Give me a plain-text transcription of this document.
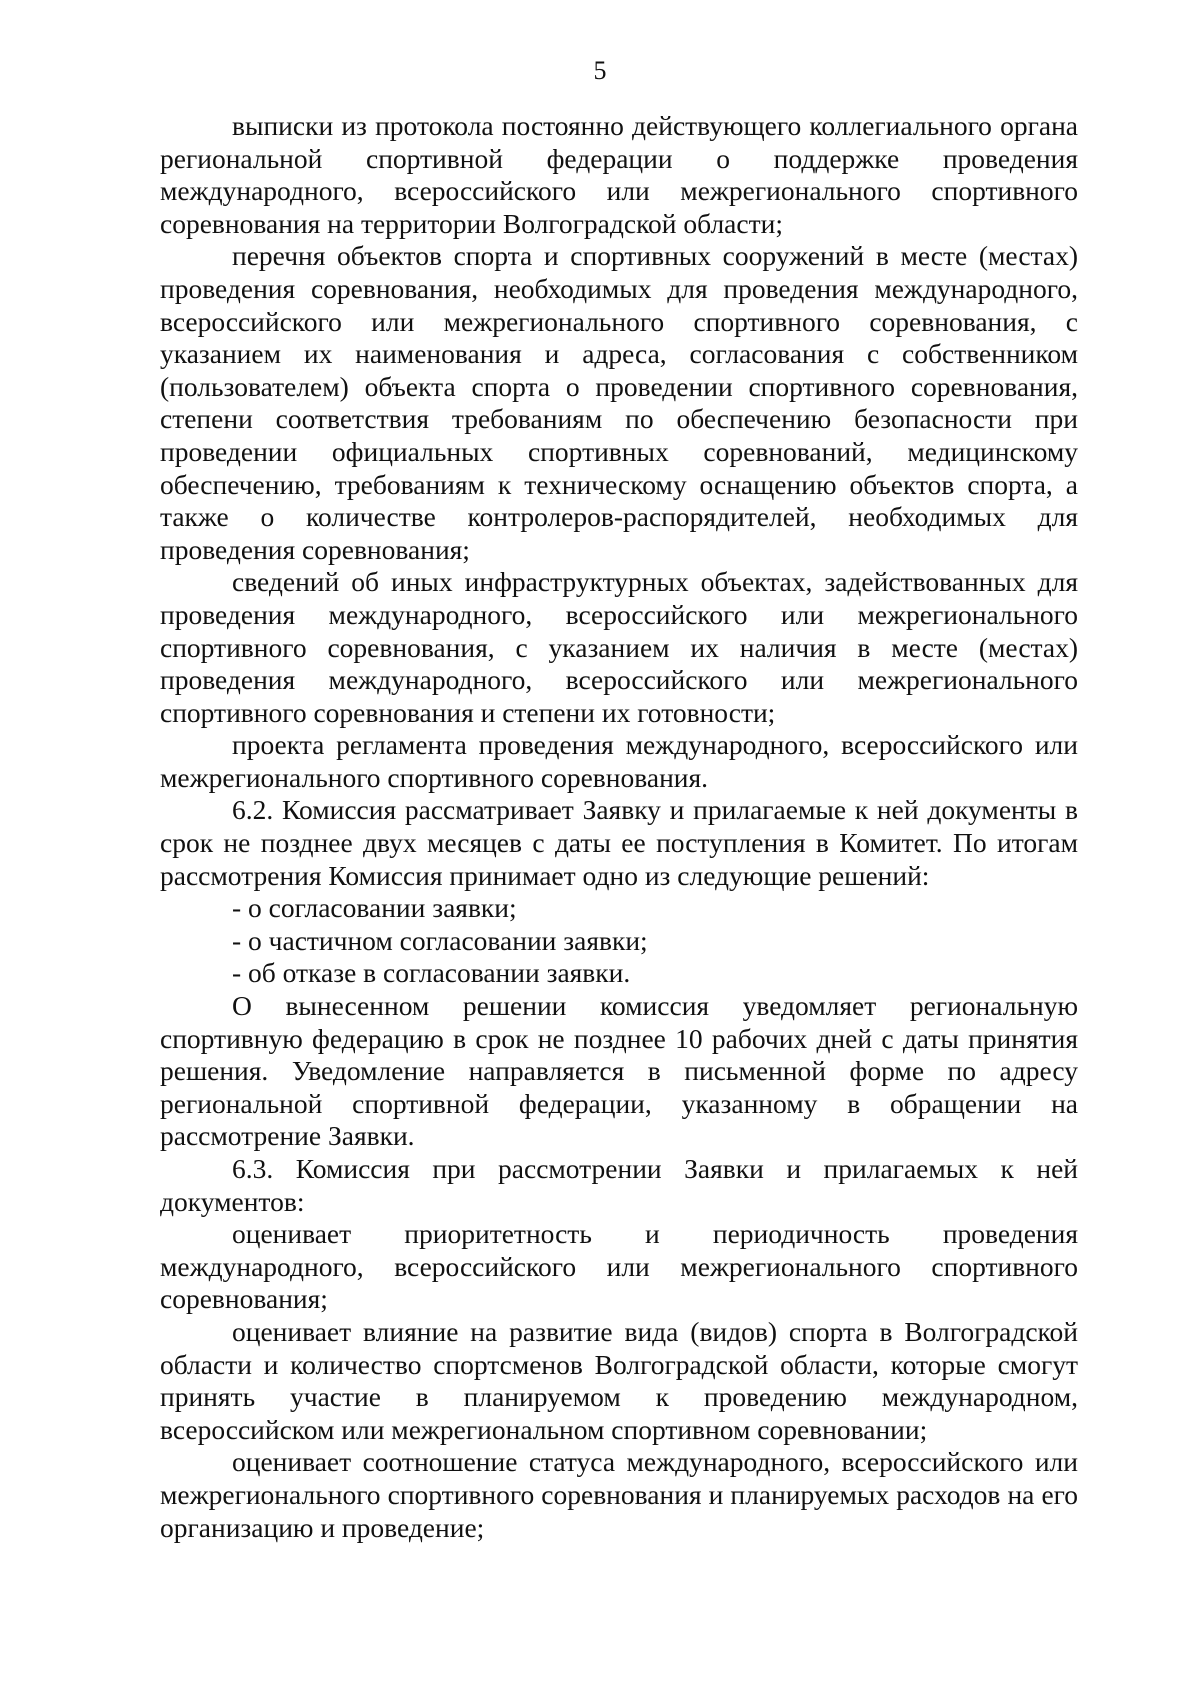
5

выписки из протокола постоянно действующего коллегиального органа региональной спортивной федерации о поддержке проведения международного, всероссийского или межрегионального спортивного соревнования на территории Волгоградской области;

перечня объектов спорта и спортивных сооружений в месте (местах) проведения соревнования, необходимых для проведения международного, всероссийского или межрегионального спортивного соревнования, с указанием их наименования и адреса, согласования с собственником (пользователем) объекта спорта о проведении спортивного соревнования, степени соответствия требованиям по обеспечению безопасности при проведении официальных спортивных соревнований, медицинскому обеспечению, требованиям к техническому оснащению объектов спорта, а также о количестве контролеров-распорядителей, необходимых для проведения соревнования;

сведений об иных инфраструктурных объектах, задействованных для проведения международного, всероссийского или межрегионального спортивного соревнования, с указанием их наличия в месте (местах) проведения международного, всероссийского или межрегионального спортивного соревнования и степени их готовности;

проекта регламента проведения международного, всероссийского или межрегионального спортивного соревнования.

6.2. Комиссия рассматривает Заявку и прилагаемые к ней документы в срок не позднее двух месяцев с даты ее поступления в Комитет. По итогам рассмотрения Комиссия принимает одно из следующие решений:

- о согласовании заявки;

- о частичном согласовании заявки;

- об отказе в согласовании заявки.

О вынесенном решении комиссия уведомляет региональную спортивную федерацию в срок не позднее 10 рабочих дней с даты принятия решения. Уведомление направляется в письменной форме по адресу региональной спортивной федерации, указанному в обращении на рассмотрение Заявки.

6.3. Комиссия при рассмотрении Заявки и прилагаемых к ней документов:

оценивает приоритетность и периодичность проведения международного, всероссийского или межрегионального спортивного соревнования;

оценивает влияние на развитие вида (видов) спорта в Волгоградской области и количество спортсменов Волгоградской области, которые смогут принять участие в планируемом к проведению международном, всероссийском или межрегиональном спортивном соревновании;

оценивает соотношение статуса международного, всероссийского или межрегионального спортивного соревнования и планируемых расходов на его организацию и проведение;
